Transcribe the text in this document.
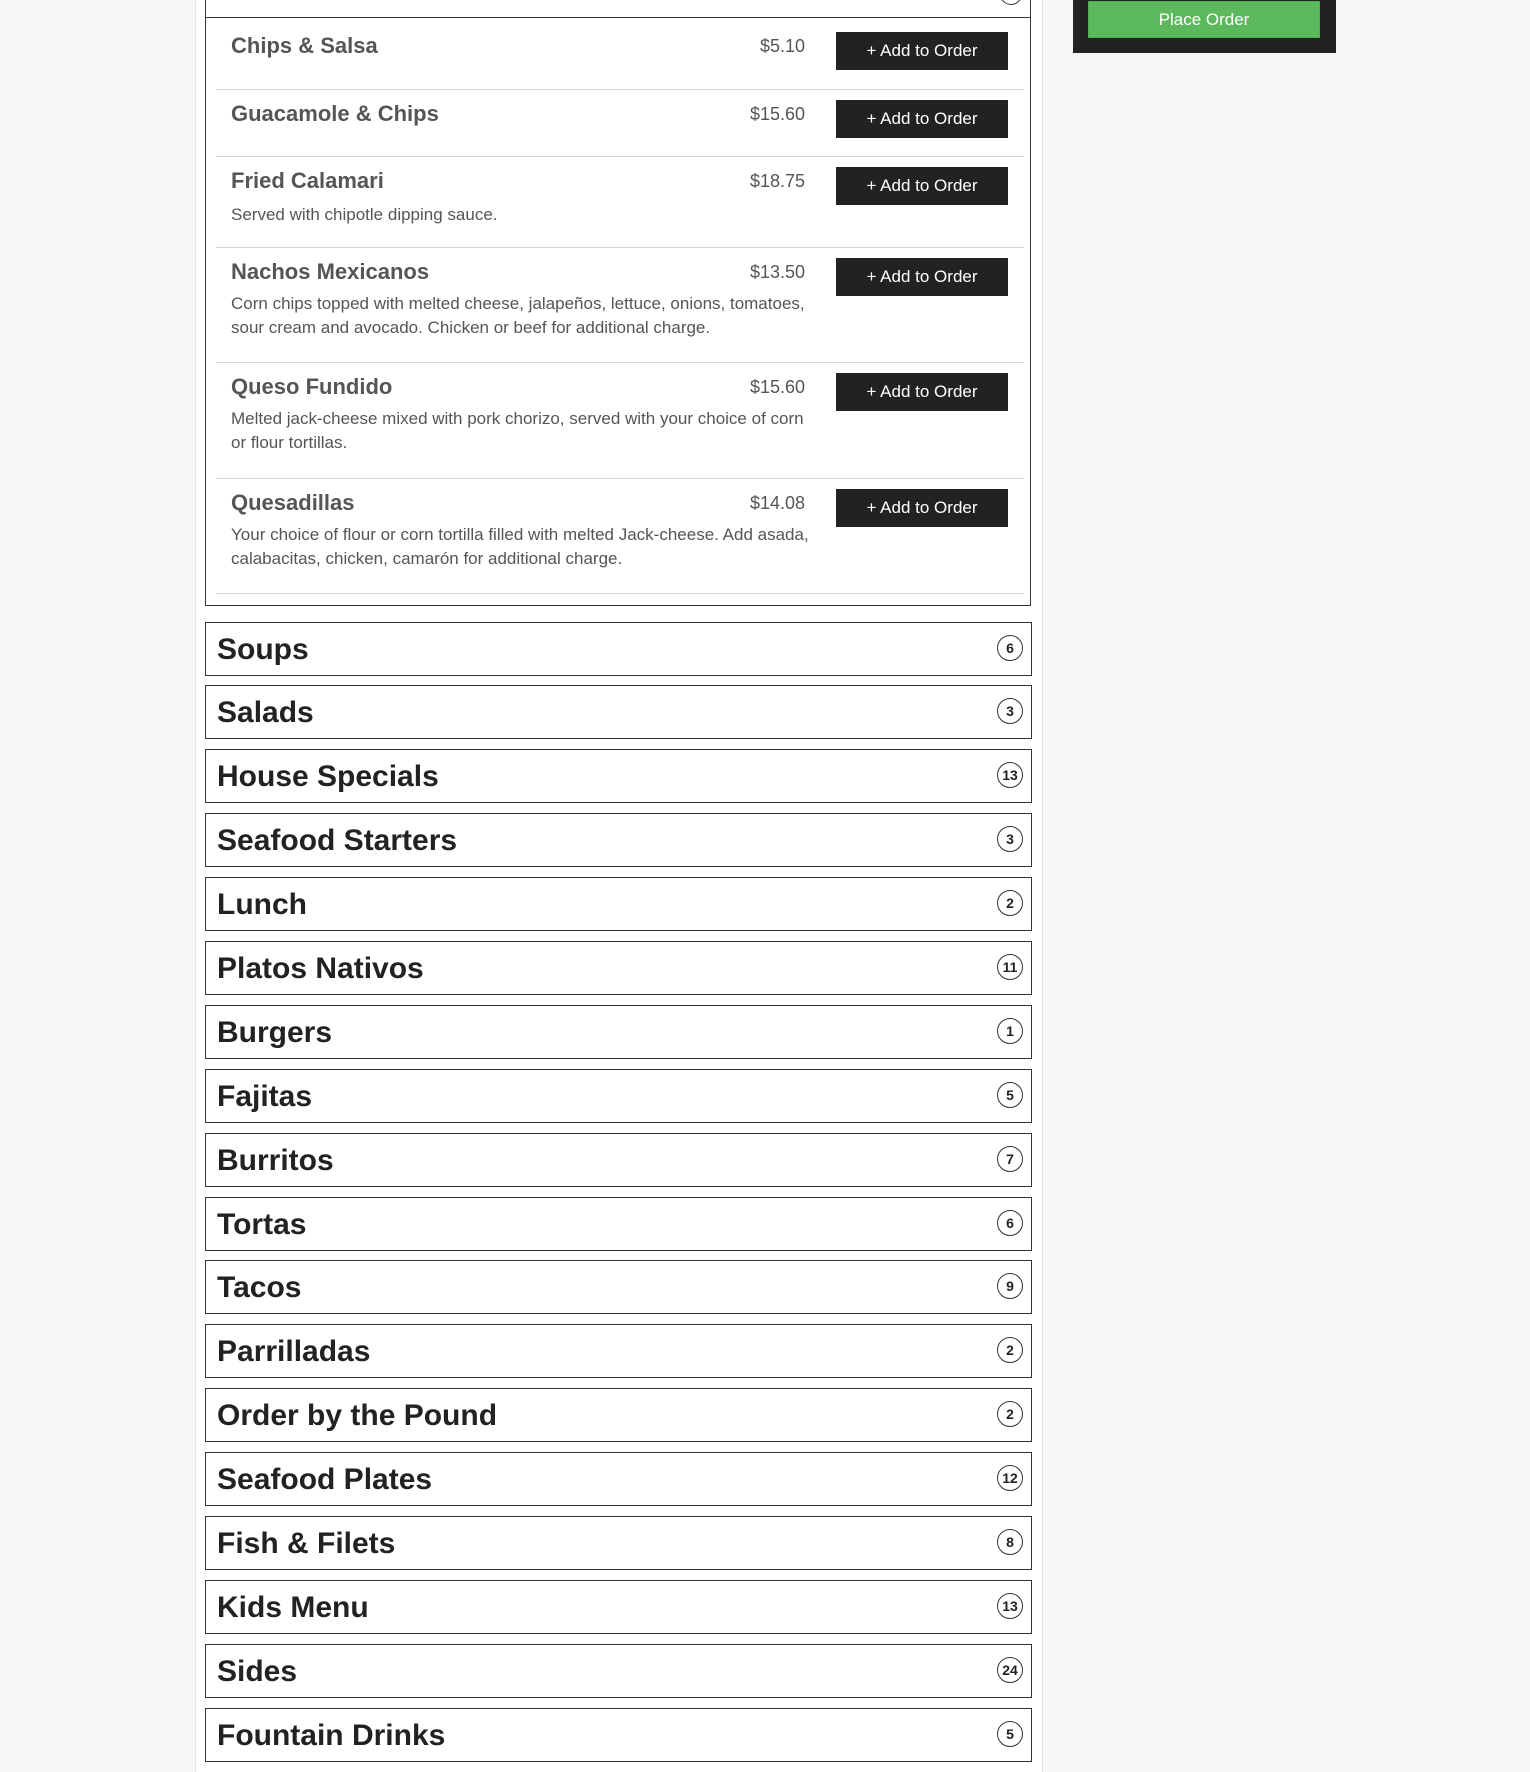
Chips & Salsa	$5.10	+ Add to Order
Guacamole & Chips	$15.60	+ Add to Order
Fried Calamari	$18.75
Served with chipotle dipping sauce.
+ Add to Order
Nachos Mexicanos	$13.50
Corn chips topped with melted cheese, jalapeños, lettuce, onions, tomatoes, sour cream and avocado. Chicken or beef for additional charge.
+ Add to Order
Queso Fundido	$15.60
Melted jack-cheese mixed with pork chorizo, served with your choice of corn or flour tortillas.
+ Add to Order
Quesadillas	$14.08
Your choice of flour or corn tortilla filled with melted Jack-cheese. Add asada, calabacitas, chicken, camarón for additional charge.
+ Add to Order
Soups	6
Salads	3
House Specials	13
Seafood Starters	3
Lunch	2
Platos Nativos	11
Burgers	1
Fajitas	5
Burritos	7
Tortas	6
Tacos	9
Parrilladas	2
Order by the Pound	2
Seafood Plates	12
Fish & Filets	8
Kids Menu	13
Sides	24
Fountain Drinks	5
Place Order
